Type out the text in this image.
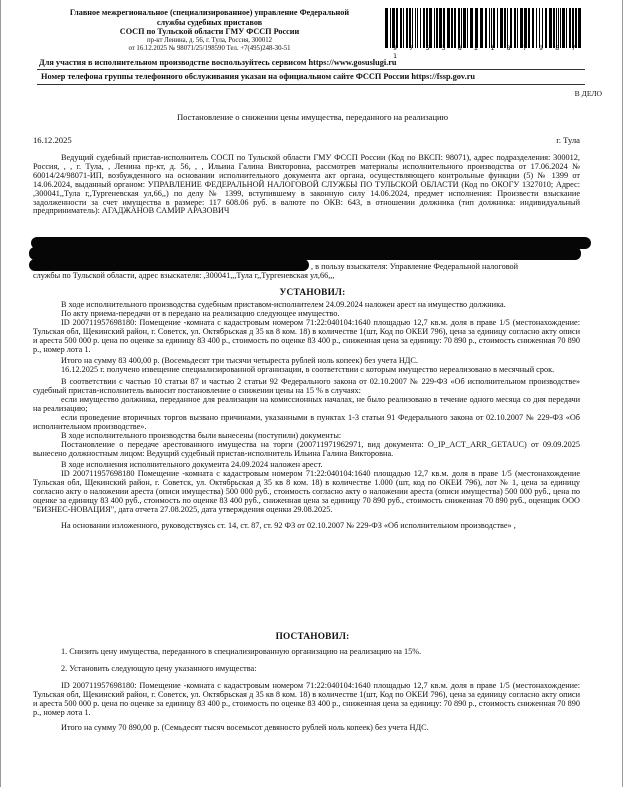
Главное межрегиональное (специализированное) управление Федеральной
службы судебных приставов
СОСП по Тульской области ГМУ ФССП России
пр-кт Ленина, д. 56, г. Тула, Россия, 300012
от 16.12.2025 № 98071/25/198590 Тел. +7(495)248-30-51	9 7 5 3 8 2 1 8 7 9 8 7 1
Для участия в исполнительном производстве воспользуйтесь сервисом https://www.gosuslugi.ru
Номер телефона группы телефонного обслуживания указан на официальном сайте ФССП России https://fssp.gov.ru
В ДЕЛО
Постановление о снижении цены имущества, переданного на реализацию
16.12.2025	г. Тула

Ведущий судебный пристав-исполнитель СОСП по Тульской области ГМУ ФССП России (Код по ВКСП: 98071), адрес подразделения: 300012, Россия, , , г. Тула, , Ленина пр-кт, д. 56, , , Ильина Галина Викторовна, рассмотрев материалы исполнительного производства от 17.06.2024 № 60014/24/98071-ИП, возбужденного на основании исполнительного документа акт органа, осуществляющего контрольные функции (5) № 1399 от 14.06.2024, выданный органом: УПРАВЛЕНИЕ ФЕДЕРАЛЬНОЙ НАЛОГОВОЙ СЛУЖБЫ ПО ТУЛЬСКОЙ ОБЛАСТИ (Код по ОКОГУ 1327010; Адрес: ,300041,,Тула г,,Тургеневская ул,66,,) по делу № 1399, вступившему в законную силу 14.06.2024, предмет исполнения: Произвести взыскание задолженности за счет имущества в размере: 117 608.06 руб. в валюте по ОКВ: 643, в отношении должника (тип должника: индивидуальный предприниматель): АГАДЖАНОВ САМИР АРАЗОВИЧ

, в пользу взыскателя: Управление Федеральной налоговой
службы по Тульской области, адрес взыскателя: ,300041,,,Тула г,,Тургеневская ул,66,,,
УСТАНОВИЛ:

В ходе исполнительного производства судебным приставом-исполнителем 24.09.2024 наложен арест на имущество должника.

По акту приема-передачи от в передано на реализацию следующее имущество.

ID 200711957698180: Помещение -комната с кадастровым номером 71:22:040104:1640 площадью 12,7 кв.м. доля в праве 1/5 (местонахождение: Тульская обл, Щекинский район, г. Советск, ул. Октябрьская д 35 кв 8 ком. 18) в количестве 1(шт, Код по ОКЕИ 796), цена за единицу согласно акту описи и ареста 500 000 р. цена по оценке за единицу 83 400 р., стоимость по оценке 83 400 р., сниженная цена за единицу: 70 890 р., стоимость сниженная 70 890 р., номер лота 1.

Итого на сумму 83 400,00 р. (Восемьдесят три тысячи четыреста рублей ноль копеек) без учета НДС.

16.12.2025 г. получено извещение специализированной организации, в соответствии с которым имущество нереализовано в месячный срок.

В соответствии с частью 10 статьи 87 и частью 2 статьи 92 Федерального закона от 02.10.2007 № 229-ФЗ «Об исполнительном производстве» судебный пристав-исполнитель выносит постановление о снижении цены на 15 % в случаях:

если имущество должника, переданное для реализации на комиссионных началах, не было реализовано в течение одного месяца со дня передачи на реализацию;

если проведение вторичных торгов вызвано причинами, указанными в пунктах 1-3 статьи 91 Федерального закона от 02.10.2007 № 229-ФЗ «Об исполнительном производстве».

В ходе исполнительного производства были вынесены (поступили) документы:

Постановление о передаче арестованного имущества на торги (200711971962971, вид документа: O_IP_ACT_ARR_GETAUC) от 09.09.2025 вынесено должностным лицом: Ведущий судебный пристав-исполнитель Ильина Галина Викторовна.

В ходе исполнения исполнительного документа 24.09.2024 наложен арест.

ID 200711957698180 Помещение -комната с кадастровым номером 71:22:040104:1640 площадью 12,7 кв.м. доля в праве 1/5 (местонахождение Тульская обл, Щекинский район, г. Советск, ул. Октябрьская д 35 кв 8 ком. 18) в количестве 1.000 (шт, код по ОКЕИ 796), лот № 1, цена за единицу согласно акту о наложении ареста (описи имущества) 500 000 руб., стоимость согласно акту о наложении ареста (описи имущества) 500 000 руб., цена по оценке за единицу 83 400 руб., стоимость по оценке 83 400 руб., сниженная цена за единицу 70 890 руб., стоимость сниженная 70 890 руб., оценщик ООО "БИЗНЕС-НОВАЦИЯ", дата отчета 27.08.2025, дата утверждения оценки 29.08.2025.

На основании изложенного, руководствуясь ст. 14, ст. 87, ст. 92 ФЗ от 02.10.2007 № 229-ФЗ «Об исполнительном производстве» ,

ПОСТАНОВИЛ:

1. Снизить цену имущества, переданного в специализированную организацию на реализацию на 15%.

2. Установить следующую цену указанного имущества:

ID 200711957698180: Помещение -комната с кадастровым номером 71:22:040104:1640 площадью 12,7 кв.м. доля в праве 1/5 (местонахождение: Тульская обл, Щекинский район, г. Советск, ул. Октябрьская д 35 кв 8 ком. 18) в количестве 1(шт, Код по ОКЕИ 796), цена за единицу согласно акту описи и ареста 500 000 р. цена по оценке за единицу 83 400 р., стоимость по оценке 83 400 р., сниженная цена за единицу: 70 890 р., стоимость сниженная 70 890 р., номер лота 1.

Итого на сумму 70 890,00 р. (Семьдесят тысяч восемьсот девяносто рублей ноль копеек) без учета НДС.
